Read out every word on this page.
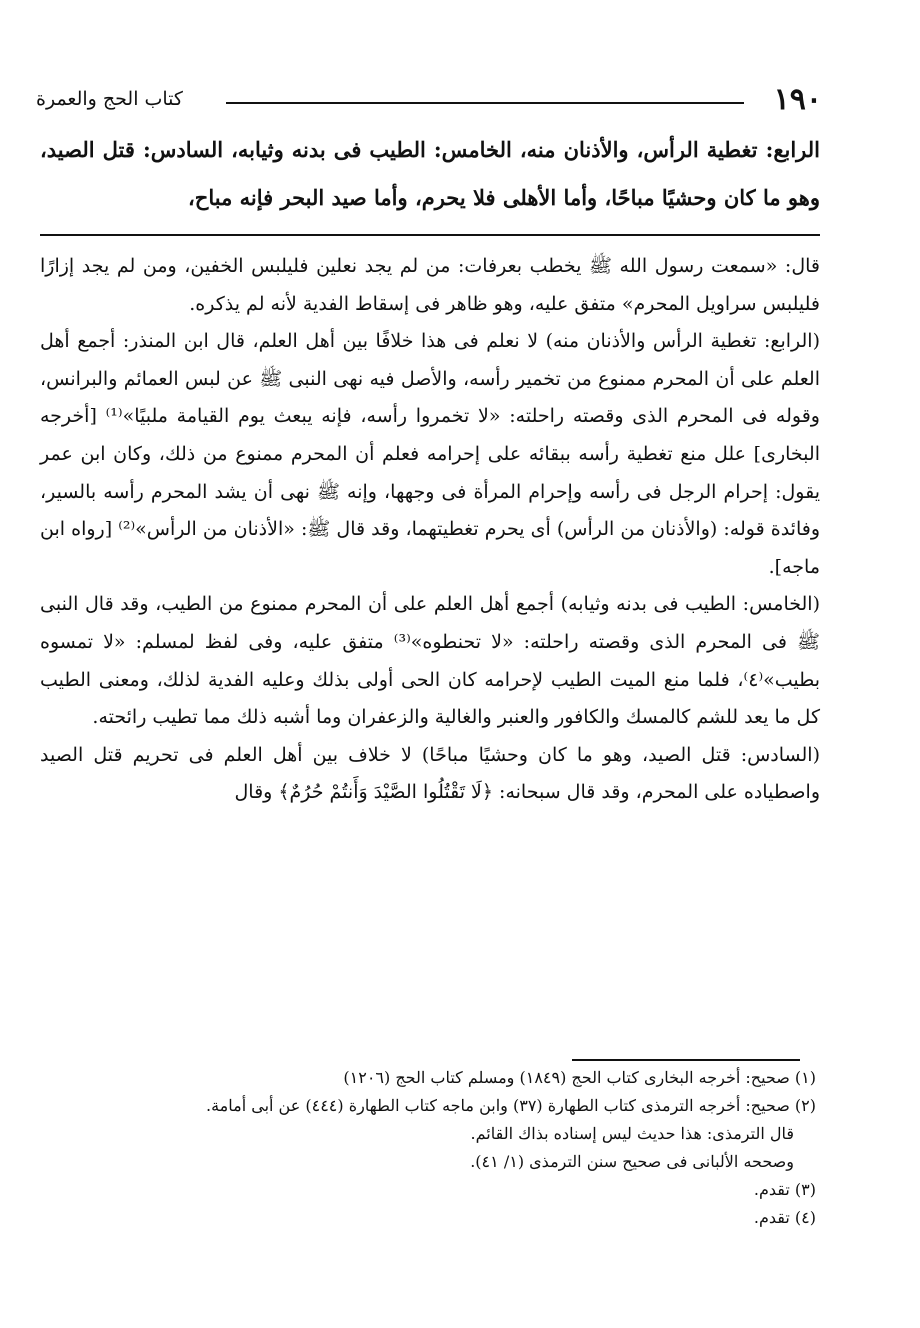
١٩٠
كتاب الحج والعمرة
الرابع: تغطية الرأس، والأذنان منه، الخامس: الطيب فى بدنه وثيابه، السادس: قتل الصيد، وهو ما كان وحشيًا مباحًا، وأما الأهلى فلا يحرم، وأما صيد البحر فإنه مباح،

قال: «سمعت رسول الله ﷺ يخطب بعرفات: من لم يجد نعلين فليلبس الخفين، ومن لم يجد إزارًا فليلبس سراويل المحرم» متفق عليه، وهو ظاهر فى إسقاط الفدية لأنه لم يذكره.

(الرابع: تغطية الرأس والأذنان منه) لا نعلم فى هذا خلافًا بين أهل العلم، قال ابن المنذر: أجمع أهل العلم على أن المحرم ممنوع من تخمير رأسه، والأصل فيه نهى النبى ﷺ عن لبس العمائم والبرانس، وقوله فى المحرم الذى وقصته راحلته: «لا تخمروا رأسه، فإنه يبعث يوم القيامة ملبيًا»⁽¹⁾ [أخرجه البخارى] علل منع تغطية رأسه ببقائه على إحرامه فعلم أن المحرم ممنوع من ذلك، وكان ابن عمر يقول: إحرام الرجل فى رأسه وإحرام المرأة فى وجهها، وإنه ﷺ نهى أن يشد المحرم رأسه بالسير، وفائدة قوله: (والأذنان من الرأس) أى يحرم تغطيتهما، وقد قال ﷺ: «الأذنان من الرأس»⁽²⁾ [رواه ابن ماجه].

(الخامس: الطيب فى بدنه وثيابه) أجمع أهل العلم على أن المحرم ممنوع من الطيب، وقد قال النبى ﷺ فى المحرم الذى وقصته راحلته: «لا تحنطوه»⁽³⁾ متفق عليه، وفى لفظ لمسلم: «لا تمسوه بطيب»⁽٤⁾، فلما منع الميت الطيب لإحرامه كان الحى أولى بذلك وعليه الفدية لذلك، ومعنى الطيب كل ما يعد للشم كالمسك والكافور والعنبر والغالية والزعفران وما أشبه ذلك مما تطيب رائحته.

(السادس: قتل الصيد، وهو ما كان وحشيًا مباحًا) لا خلاف بين أهل العلم فى تحريم قتل الصيد واصطياده على المحرم، وقد قال سبحانه: ﴿لَا تَقْتُلُوا الصَّيْدَ وَأَنتُمْ حُرُمٌ﴾ وقال

(١) صحيح: أخرجه البخارى كتاب الحج (١٨٤٩) ومسلم كتاب الحج (١٢٠٦)

(٢) صحيح: أخرجه الترمذى كتاب الطهارة (٣٧) وابن ماجه كتاب الطهارة (٤٤٤) عن أبى أمامة.

قال الترمذى: هذا حديث ليس إسناده بذاك القائم.

وصححه الألبانى فى صحيح سنن الترمذى (١/ ٤١).

(٣) تقدم.

(٤) تقدم.
